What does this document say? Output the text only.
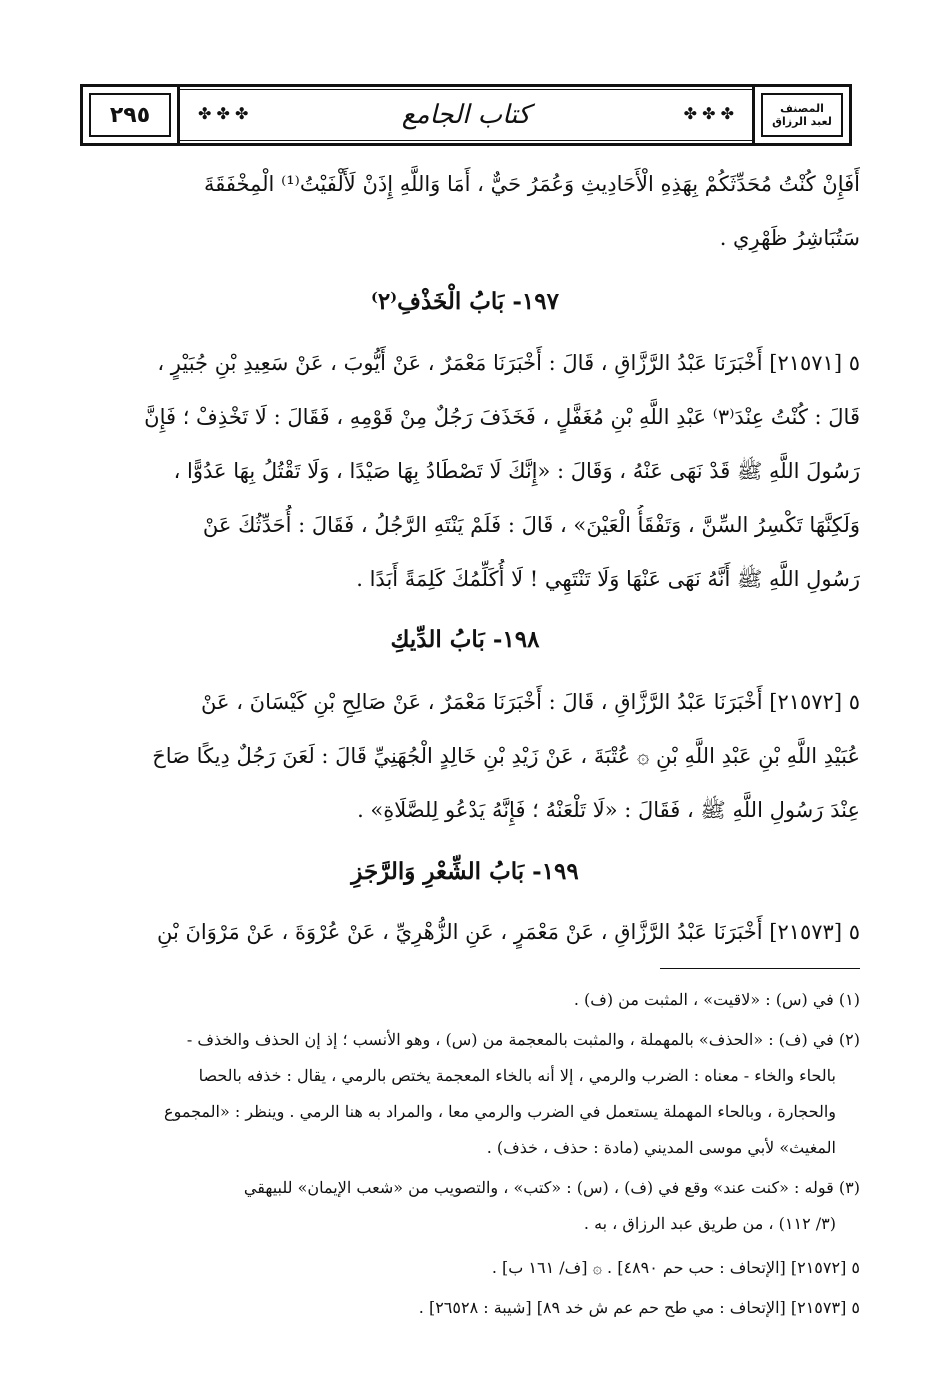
٢٩٥	المصنف
لعبد الرزاق
✤ ✤ ✤	✤ ✤ ✤
كتاب الجامع
أَفَإِنْ كُنْتُ مُحَدِّثَكُمْ بِهَذِهِ الْأَحَادِيثِ وَعُمَرُ حَيٌّ ، أَمَا وَاللَّهِ إِذَنْ لَأَلْفَيْتُ⁽¹⁾ الْمِخْفَقَةَ
سَتُبَاشِرُ ظَهْرِي .
١٩٧- بَابُ الْخَذْفِ⁽٢⁾
٥ [٢١٥٧١] أَخْبَرَنَا عَبْدُ الرَّزَّاقِ ، قَالَ : أَخْبَرَنَا مَعْمَرٌ ، عَنْ أَيُّوبَ ، عَنْ سَعِيدِ بْنِ جُبَيْرٍ ،
قَالَ : كُنْتُ عِنْدَ⁽٣⁾ عَبْدِ اللَّهِ بْنِ مُغَفَّلٍ ، فَخَذَفَ رَجُلٌ مِنْ قَوْمِهِ ، فَقَالَ : لَا تَخْذِفْ ؛ فَإِنَّ
رَسُولَ اللَّهِ ﷺ قَدْ نَهَى عَنْهُ ، وَقَالَ : «إِنَّكَ لَا تَصْطَادُ بِهَا صَيْدًا ، وَلَا تَقْتُلُ بِهَا عَدُوًّا ،
وَلَكِنَّهَا تَكْسِرُ السِّنَّ ، وَتَفْقَأُ الْعَيْنَ» ، قَالَ : فَلَمْ يَنْتَهِ الرَّجُلُ ، فَقَالَ : أُحَدِّثُكَ عَنْ
رَسُولِ اللَّهِ ﷺ أَنَّهُ نَهَى عَنْهَا وَلَا تَنْتَهِي ! لَا أُكَلِّمُكَ كَلِمَةً أَبَدًا .
١٩٨- بَابُ الدِّيكِ
٥ [٢١٥٧٢] أَخْبَرَنَا عَبْدُ الرَّزَّاقِ ، قَالَ : أَخْبَرَنَا مَعْمَرٌ ، عَنْ صَالِحِ بْنِ كَيْسَانَ ، عَنْ
عُبَيْدِ اللَّهِ بْنِ عَبْدِ اللَّهِ بْنِ ۞ عُتْبَةَ ، عَنْ زَيْدِ بْنِ خَالِدٍ الْجُهَنِيِّ قَالَ : لَعَنَ رَجُلٌ دِيكًا صَاحَ
عِنْدَ رَسُولِ اللَّهِ ﷺ ، فَقَالَ : «لَا تَلْعَنْهُ ؛ فَإِنَّهُ يَدْعُو لِلصَّلَاةِ» .
١٩٩- بَابُ الشِّعْرِ وَالرَّجَزِ
٥ [٢١٥٧٣] أَخْبَرَنَا عَبْدُ الرَّزَّاقِ ، عَنْ مَعْمَرٍ ، عَنِ الزُّهْرِيِّ ، عَنْ عُرْوَةَ ، عَنْ مَرْوَانَ بْنِ
(١) في (س) : «لاقيت» ، المثبت من (ف) .
(٢) في (ف) : «الحذف» بالمهملة ، والمثبت بالمعجمة من (س) ، وهو الأنسب ؛ إذ إن الحذف والخذف -
بالحاء والخاء - معناه : الضرب والرمي ، إلا أنه بالخاء المعجمة يختص بالرمي ، يقال : خذفه بالحصا
والحجارة ، وبالحاء المهملة يستعمل في الضرب والرمي معا ، والمراد به هنا الرمي . وينظر : «المجموع
المغيث» لأبي موسى المديني (مادة : حذف ، خذف) .
(٣) قوله : «كنت عند» وقع في (ف) ، (س) : «كتب» ، والتصويب من «شعب الإيمان» للبيهقي
(٣/ ١١٢) ، من طريق عبد الرزاق ، به .
٥ [٢١٥٧٢] [الإتحاف : حب حم ٤٨٩٠] . ۞ [ف/ ١٦١ ب] .
٥ [٢١٥٧٣] [الإتحاف : مي طح حم عم ش خد ٨٩] [شيبة : ٢٦٥٢٨] .
